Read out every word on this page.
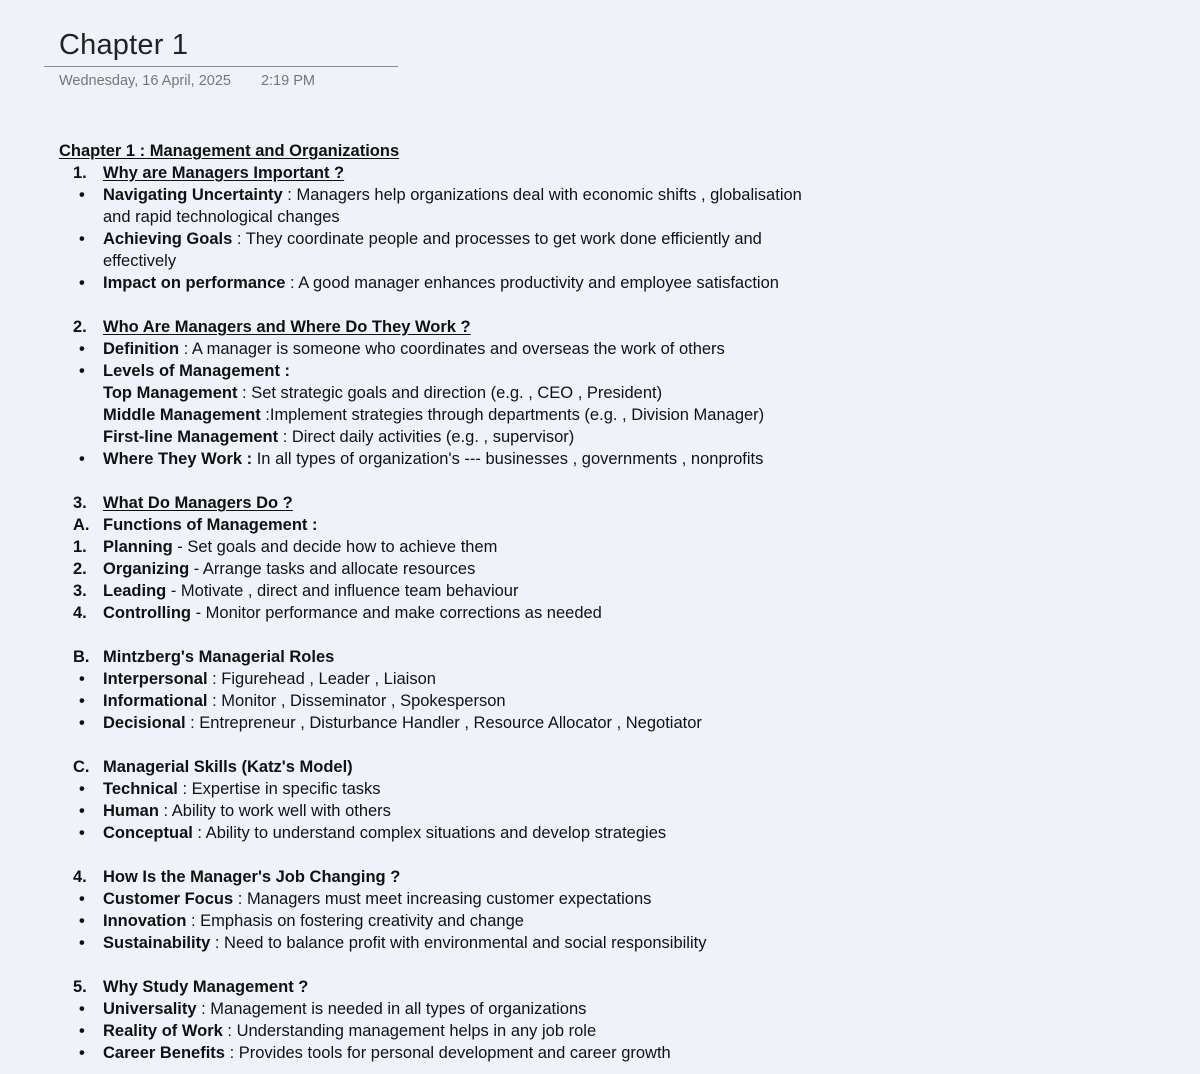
Chapter 1
Wednesday, 16 April, 2025 2:19 PM
Chapter 1 : Management and Organizations
1. Why are Managers Important ?
•	Navigating Uncertainty : Managers help organizations deal with economic shifts , globalisation
and rapid technological changes
•	Achieving Goals : They coordinate people and processes to get work done efficiently and
effectively
•	Impact on performance : A good manager enhances productivity and employee satisfaction
2. Who Are Managers and Where Do They Work ?
•	Definition : A manager is someone who coordinates and overseas the work of others
•	Levels of Management :
Top Management : Set strategic goals and direction (e.g. , CEO , President)
Middle Management :Implement strategies through departments (e.g. , Division Manager)
First-line Management : Direct daily activities (e.g. , supervisor)
•	Where They Work : In all types of organization's --- businesses , governments , nonprofits
3. What Do Managers Do ?
A. Functions of Management :
1. Planning - Set goals and decide how to achieve them
2. Organizing - Arrange tasks and allocate resources
3. Leading - Motivate , direct and influence team behaviour
4. Controlling - Monitor performance and make corrections as needed
B. Mintzberg's Managerial Roles
•	Interpersonal : Figurehead , Leader , Liaison
•	Informational : Monitor , Disseminator , Spokesperson
•	Decisional : Entrepreneur , Disturbance Handler , Resource Allocator , Negotiator
C. Managerial Skills (Katz's Model)
•	Technical : Expertise in specific tasks
•	Human : Ability to work well with others
•	Conceptual : Ability to understand complex situations and develop strategies
4. How Is the Manager's Job Changing ?
•	Customer Focus : Managers must meet increasing customer expectations
•	Innovation : Emphasis on fostering creativity and change
•	Sustainability : Need to balance profit with environmental and social responsibility
5. Why Study Management ?
•	Universality : Management is needed in all types of organizations
•	Reality of Work : Understanding management helps in any job role
•	Career Benefits : Provides tools for personal development and career growth
